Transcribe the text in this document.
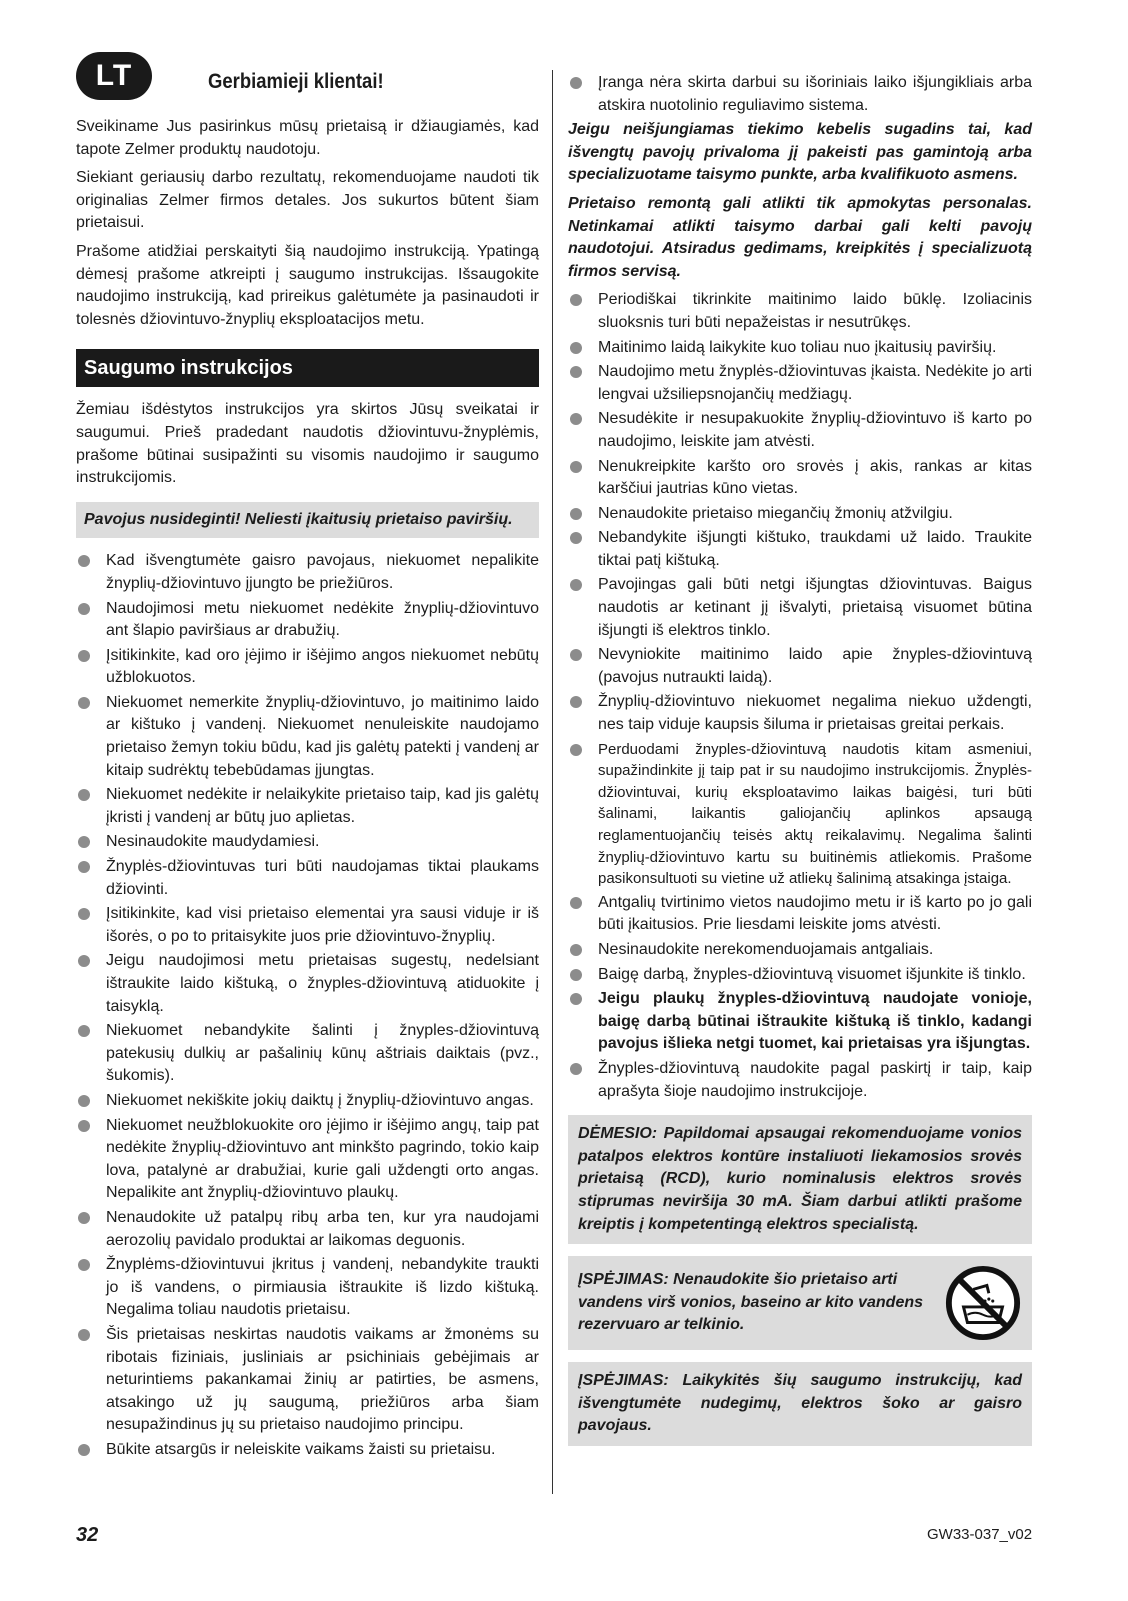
LT	Gerbiamieji klientai!

Sveikiname Jus pasirinkus mūsų prietaisą ir džiaugiamės, kad tapote Zelmer produktų naudotoju.

Siekiant geriausių darbo rezultatų, rekomenduojame naudoti tik originalias Zelmer firmos detales. Jos sukurtos būtent šiam prietaisui.

Prašome atidžiai perskaityti šią naudojimo instrukciją. Ypatingą dėmesį prašome atkreipti į saugumo instrukcijas. Išsaugokite naudojimo instrukciją, kad prireikus galėtumėte ja pasinaudoti ir tolesnės džiovintuvo-žnyplių eksploatacijos metu.

Saugumo instrukcijos

Žemiau išdėstytos instrukcijos yra skirtos Jūsų sveikatai ir saugumui. Prieš pradedant naudotis džiovintuvu-žnyplėmis, prašome būtinai susipažinti su visomis naudojimo ir saugumo instrukcijomis.

Pavojus nusideginti! Neliesti įkaitusių prietaiso paviršių.
Kad išvengtumėte gaisro pavojaus, niekuomet nepalikite žnyplių-džiovintuvo įjungto be priežiūros.
Naudojimosi metu niekuomet nedėkite žnyplių-džiovintuvo ant šlapio paviršiaus ar drabužių.
Įsitikinkite, kad oro įėjimo ir išėjimo angos niekuomet nebūtų užblokuotos.
Niekuomet nemerkite žnyplių-džiovintuvo, jo maitinimo laido ar kištuko į vandenį. Niekuomet nenuleiskite naudojamo prietaiso žemyn tokiu būdu, kad jis galėtų patekti į vandenį ar kitaip sudrėktų tebebūdamas įjungtas.
Niekuomet nedėkite ir nelaikykite prietaiso taip, kad jis galėtų įkristi į vandenį ar būtų juo aplietas.
Nesinaudokite maudydamiesi.
Žnyplės-džiovintuvas turi būti naudojamas tiktai plaukams džiovinti.
Įsitikinkite, kad visi prietaiso elementai yra sausi viduje ir iš išorės, o po to pritaisykite juos prie džiovintuvo-žnyplių.
Jeigu naudojimosi metu prietaisas sugestų, nedelsiant ištraukite laido kištuką, o žnyples-džiovintuvą atiduokite į taisyklą.
Niekuomet nebandykite šalinti į žnyples-džiovintuvą patekusių dulkių ar pašalinių kūnų aštriais daiktais (pvz., šukomis).
Niekuomet nekiškite jokių daiktų į žnyplių-džiovintuvo angas.
Niekuomet neužblokuokite oro įėjimo ir išėjimo angų, taip pat nedėkite žnyplių-džiovintuvo ant minkšto pagrindo, tokio kaip lova, patalynė ar drabužiai, kurie gali uždengti orto angas. Nepalikite ant žnyplių-džiovintuvo plaukų.
Nenaudokite už patalpų ribų arba ten, kur yra naudojami aerozolių pavidalo produktai ar laikomas deguonis.
Žnyplėms-džiovintuvui įkritus į vandenį, nebandykite traukti jo iš vandens, o pirmiausia ištraukite iš lizdo kištuką. Negalima toliau naudotis prietaisu.
Šis prietaisas neskirtas naudotis vaikams ar žmonėms su ribotais fiziniais, jusliniais ar psichiniais gebėjimais ar neturintiems pakankamai žinių ar patirties, be asmens, atsakingo už jų saugumą, priežiūros arba šiam nesupažindinus jų su prietaiso naudojimo principu.
Būkite atsargūs ir neleiskite vaikams žaisti su prietaisu.
Įranga nėra skirta darbui su išoriniais laiko išjungikliais arba atskira nuotolinio reguliavimo sistema.

Jeigu neišjungiamas tiekimo kebelis sugadins tai, kad išvengtų pavojų privaloma jį pakeisti pas gamintoją arba specializuotame taisymo punkte, arba kvalifikuoto asmens.

Prietaiso remontą gali atlikti tik apmokytas personalas. Netinkamai atlikti taisymo darbai gali kelti pavojų naudotojui. Atsiradus gedimams, kreipkitės į specializuotą firmos servisą.

Periodiškai tikrinkite maitinimo laido būklę. Izoliacinis sluoksnis turi būti nepažeistas ir nesutrūkęs.
Maitinimo laidą laikykite kuo toliau nuo įkaitusių paviršių.
Naudojimo metu žnyplės-džiovintuvas įkaista. Nedėkite jo arti lengvai užsiliepsnojančių medžiagų.
Nesudėkite ir nesupakuokite žnyplių-džiovintuvo iš karto po naudojimo, leiskite jam atvėsti.
Nenukreipkite karšto oro srovės į akis, rankas ar kitas karščiui jautrias kūno vietas.
Nenaudokite prietaiso miegančių žmonių atžvilgiu.
Nebandykite išjungti kištuko, traukdami už laido. Traukite tiktai patį kištuką.
Pavojingas gali būti netgi išjungtas džiovintuvas. Baigus naudotis ar ketinant jį išvalyti, prietaisą visuomet būtina išjungti iš elektros tinklo.
Nevyniokite maitinimo laido apie žnyples-džiovintuvą (pavojus nutraukti laidą).
Žnyplių-džiovintuvo niekuomet negalima niekuo uždengti, nes taip viduje kaupsis šiluma ir prietaisas greitai perkais.
Perduodami žnyples-džiovintuvą naudotis kitam asmeniui, supažindinkite jį taip pat ir su naudojimo instrukcijomis. Žnyplės-džiovintuvai, kurių eksploatavimo laikas baigėsi, turi būti šalinami, laikantis galiojančių aplinkos apsaugą reglamentuojančių teisės aktų reikalavimų. Negalima šalinti žnyplių-džiovintuvo kartu su buitinėmis atliekomis. Prašome pasikonsultuoti su vietine už atliekų šalinimą atsakinga įstaiga.
Antgalių tvirtinimo vietos naudojimo metu ir iš karto po jo gali būti įkaitusios. Prie liesdami leiskite joms atvėsti.
Nesinaudokite nerekomenduojamais antgaliais.
Baigę darbą, žnyples-džiovintuvą visuomet išjunkite iš tinklo.
Jeigu plaukų žnyples-džiovintuvą naudojate vonioje, baigę darbą būtinai ištraukite kištuką iš tinklo, kadangi pavojus išlieka netgi tuomet, kai prietaisas yra išjungtas.
Žnyples-džiovintuvą naudokite pagal paskirtį ir taip, kaip aprašyta šioje naudojimo instrukcijoje.
DĖMESIO: Papildomai apsaugai rekomenduojame vonios patalpos elektros kontūre instaliuoti liekamosios srovės prietaisą (RCD), kurio nominalusis elektros srovės stiprumas neviršija 30 mA. Šiam darbui atlikti prašome kreiptis į kompetentingą elektros specialistą.
ĮSPĖJIMAS: Nenaudokite šio prietaiso arti vandens virš vonios, baseino ar kito vandens rezervuaro ar telkinio.
ĮSPĖJIMAS: Laikykitės šių saugumo instrukcijų, kad išvengtumėte nudegimų, elektros šoko ar gaisro pavojaus.
32	GW33-037_v02
